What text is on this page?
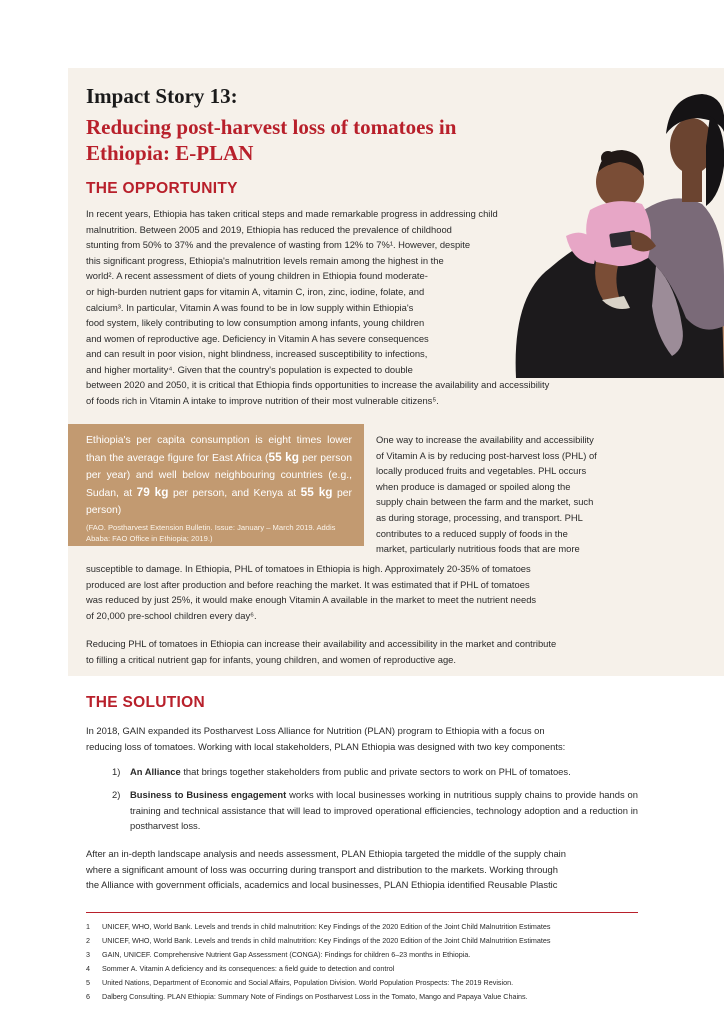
Impact Story 13:
Reducing post-harvest loss of tomatoes in Ethiopia: E-PLAN
THE OPPORTUNITY

In recent years, Ethiopia has taken critical steps and made remarkable progress in addressing child

malnutrition. Between 2005 and 2019, Ethiopia has reduced the prevalence of childhood

stunting from 50% to 37% and the prevalence of wasting from 12% to 7%¹. However, despite

this significant progress, Ethiopia's malnutrition levels remain among the highest in the

world². A recent assessment of diets of young children in Ethiopia found moderate-

or high-burden nutrient gaps for vitamin A, vitamin C, iron, zinc, iodine, folate, and

calcium³. In particular, Vitamin A was found to be in low supply within Ethiopia's

food system, likely contributing to low consumption among infants, young children

and women of reproductive age. Deficiency in Vitamin A has severe consequences

and can result in poor vision, night blindness, increased susceptibility to infections,

and higher mortality⁴. Given that the country's population is expected to double

between 2020 and 2050, it is critical that Ethiopia finds opportunities to increase the availability and accessibility

of foods rich in Vitamin A intake to improve nutrition of their most vulnerable citizens⁵.

Ethiopia's per capita consumption is eight times lower than the average figure for East Africa (55 kg per person per year) and well below neighbouring countries (e.g., Sudan, at 79 kg per person, and Kenya at 55 kg per person)

(FAO. Postharvest Extension Bulletin. Issue: January – March 2019. Addis Ababa: FAO Office in Ethiopia; 2019.)

One way to increase the availability and accessibility

of Vitamin A is by reducing post-harvest loss (PHL) of

locally produced fruits and vegetables. PHL occurs

when produce is damaged or spoiled along the

supply chain between the farm and the market, such

as during storage, processing, and transport. PHL

contributes to a reduced supply of foods in the

market, particularly nutritious foods that are more

susceptible to damage. In Ethiopia, PHL of tomatoes in Ethiopia is high. Approximately 20-35% of tomatoes

produced are lost after production and before reaching the market. It was estimated that if PHL of tomatoes

was reduced by just 25%, it would make enough Vitamin A available in the market to meet the nutrient needs

of 20,000 pre-school children every day⁶.

Reducing PHL of tomatoes in Ethiopia can increase their availability and accessibility in the market and contribute

to filling a critical nutrient gap for infants, young children, and women of reproductive age.

THE SOLUTION

In 2018, GAIN expanded its Postharvest Loss Alliance for Nutrition (PLAN) program to Ethiopia with a focus on

reducing loss of tomatoes. Working with local stakeholders, PLAN Ethiopia was designed with two key components:

1) An Alliance that brings together stakeholders from public and private sectors to work on PHL of tomatoes.
2) Business to Business engagement works with local businesses working in nutritious supply chains to provide hands on training and technical assistance that will lead to improved operational efficiencies, technology adoption and a reduction in postharvest loss.

After an in-depth landscape analysis and needs assessment, PLAN Ethiopia targeted the middle of the supply chain

where a significant amount of loss was occurring during transport and distribution to the markets. Working through

the Alliance with government officials, academics and local businesses, PLAN Ethiopia identified Reusable Plastic

1 UNICEF, WHO, World Bank. Levels and trends in child malnutrition: Key Findings of the 2020 Edition of the Joint Child Malnutrition Estimates
2 UNICEF, WHO, World Bank. Levels and trends in child malnutrition: Key Findings of the 2020 Edition of the Joint Child Malnutrition Estimates
3 GAIN, UNICEF. Comprehensive Nutrient Gap Assessment (CONGA): Findings for children 6–23 months in Ethiopia.
4 Sommer A. Vitamin A deficiency and its consequences: a field guide to detection and control
5 United Nations, Department of Economic and Social Affairs, Population Division. World Population Prospects: The 2019 Revision.
6 Dalberg Consulting. PLAN Ethiopia: Summary Note of Findings on Postharvest Loss in the Tomato, Mango and Papaya Value Chains.
